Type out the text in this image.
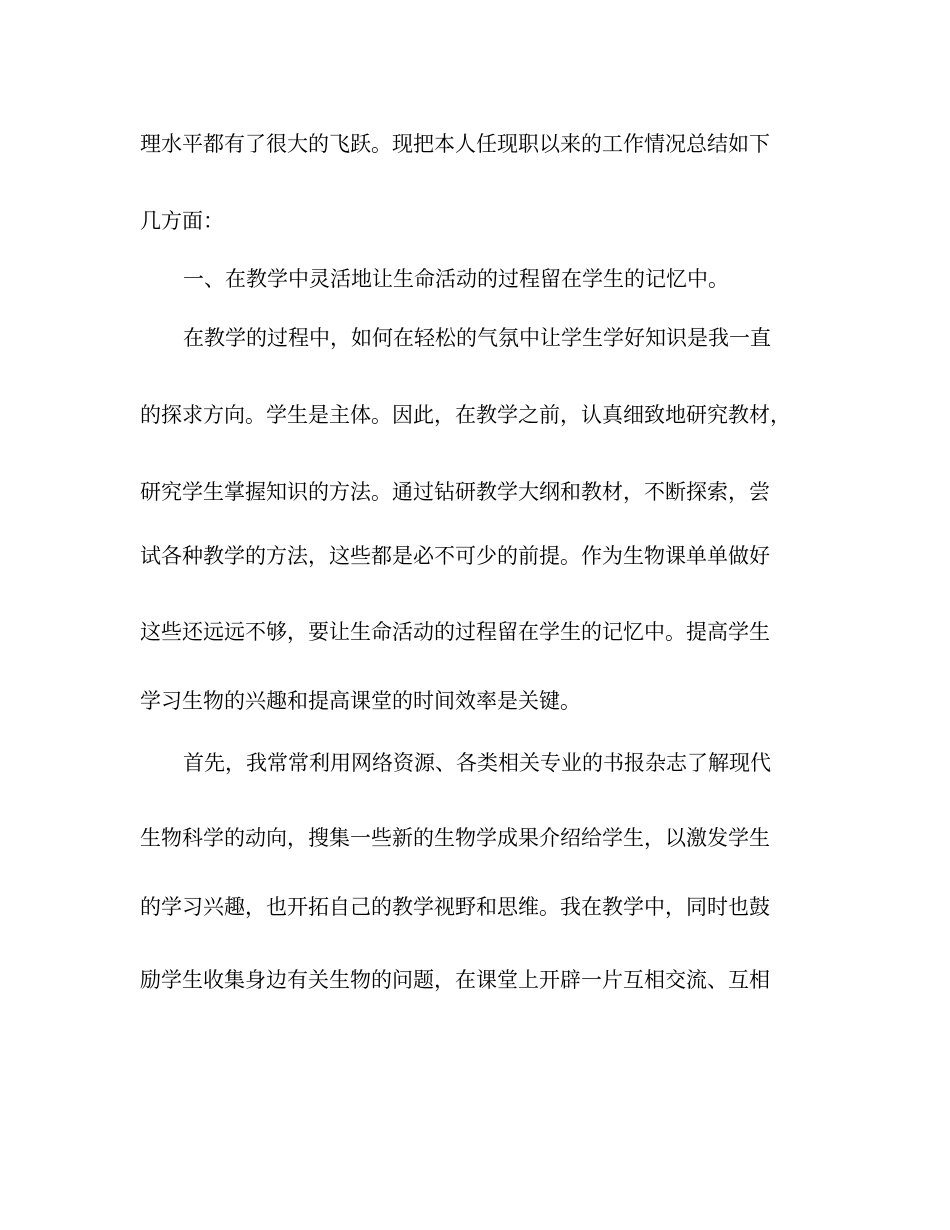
理水平都有了很大的飞跃。现把本人任现职以来的工作情况总结如下
几方面：
一、在教学中灵活地让生命活动的过程留在学生的记忆中。
在教学的过程中，如何在轻松的气氛中让学生学好知识是我一直
的探求方向。学生是主体。因此，在教学之前，认真细致地研究教材，
研究学生掌握知识的方法。通过钻研教学大纲和教材，不断探索，尝
试各种教学的方法，这些都是必不可少的前提。作为生物课单单做好
这些还远远不够，要让生命活动的过程留在学生的记忆中。提高学生
学习生物的兴趣和提高课堂的时间效率是关键。
首先，我常常利用网络资源、各类相关专业的书报杂志了解现代
生物科学的动向，搜集一些新的生物学成果介绍给学生，以激发学生
的学习兴趣，也开拓自己的教学视野和思维。我在教学中，同时也鼓
励学生收集身边有关生物的问题，在课堂上开辟一片互相交流、互相
